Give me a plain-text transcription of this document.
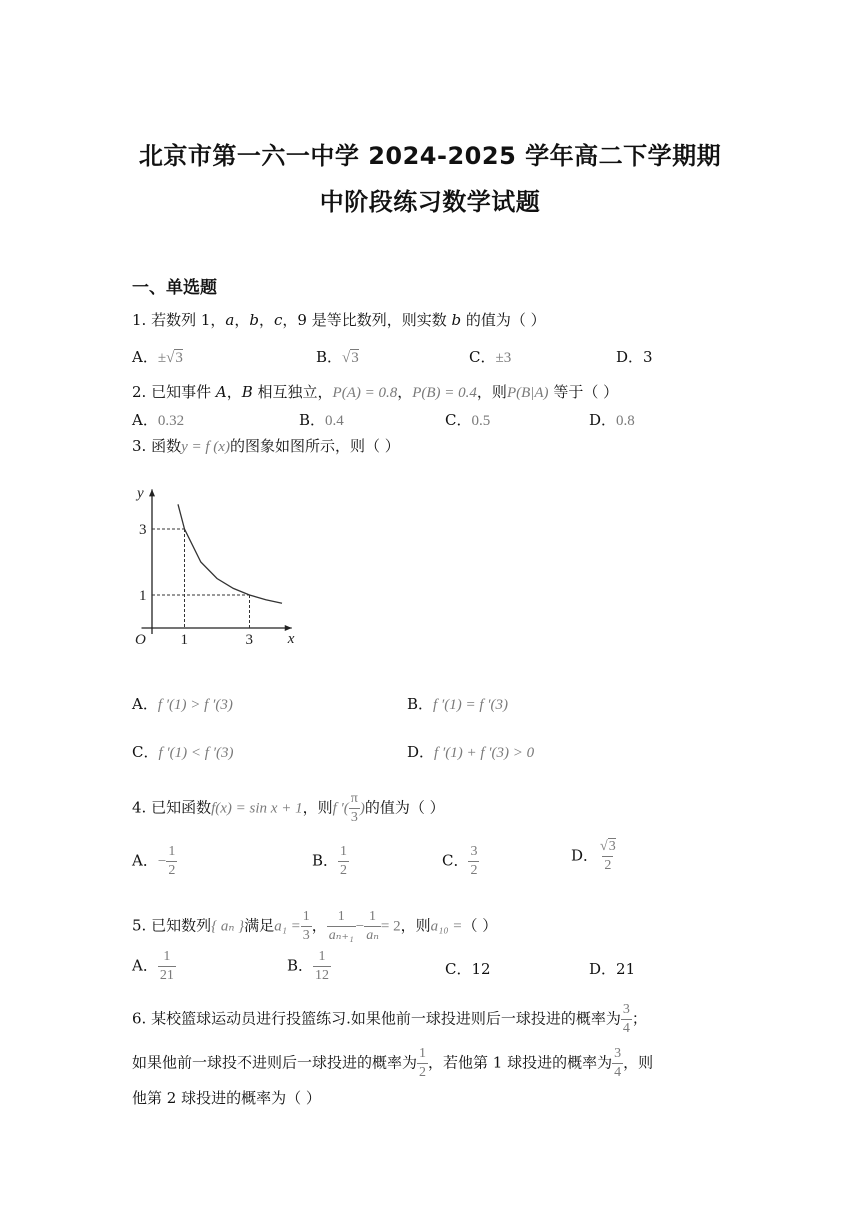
北京市第一六一中学 2024-2025 学年高二下学期期
中阶段练习数学试题
一、单选题
1. 若数列 1，a，b，c，9 是等比数列，则实数 b 的值为（ ）
A．±√3	B．√3	C．±3	D．3
2. 已知事件 A，B 相互独立，P(A) = 0.8，P(B) = 0.4，则P(B|A) 等于（ ）
A．0.32	B．0.4	C．0.5	D．0.8
3. 函数y = f (x)的图象如图所示，则（ ）
x
y
O 1	3
1
3
A．f ′(1) > f ′(3)	B．f ′(1) = f ′(3)
C．f ′(1) < f ′(3)	D．f ′(1) + f ′(3) > 0
4. 已知函数f(x) = sin x + 1，则f ′( $\frac{\pi}{3}$ )的值为（ ）
A．− $\frac{1}{2}$	B． $\frac{1}{2}$	C． $\frac{3}{2}$	D． $\frac{√3}{2}$
5. 已知数列{ aₙ }满足$a_1 = \frac{1}{3}$ ， $\frac{1}{\text{aₙ₊₁}} - \frac{1}{\text{aₙ}} = 2$，则a₁₀ =（ ）
A． $\frac{1}{21}$	B． $\frac{1}{12}$	C．12	D．21
6. 某校篮球运动员进行投篮练习.如果他前一球投进则后一球投进的概率为 $\frac{3}{4}$ ；
如果他前一球投不进则后一球投进的概率为 $\frac{1}{2}$ ，若他第 1 球投进的概率为 $\frac{3}{4}$ ，则
他第 2 球投进的概率为（ ）
